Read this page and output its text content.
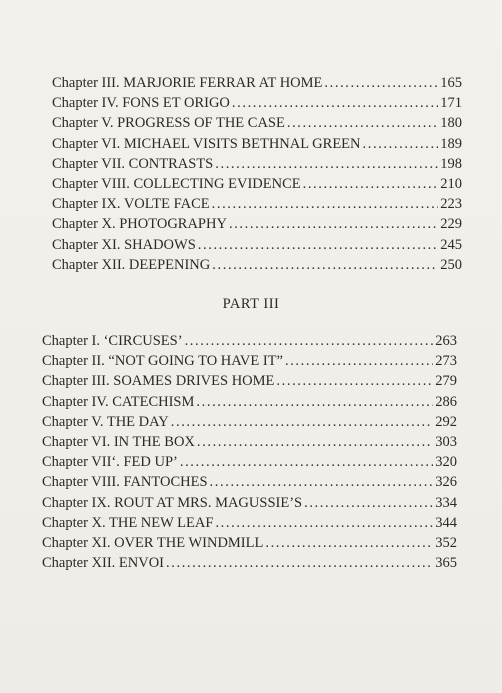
Chapter III. MARJORIE FERRAR AT HOME .....	165
Chapter IV. FONS ET ORIGO .....	171
Chapter V. PROGRESS OF THE CASE .....	180
Chapter VI. MICHAEL VISITS BETHNAL GREEN .....	189
Chapter VII. CONTRASTS .....	198
Chapter VIII. COLLECTING EVIDENCE .....	210
Chapter IX. VOLTE FACE .....	223
Chapter X. PHOTOGRAPHY .....	229
Chapter XI. SHADOWS .....	245
Chapter XII. DEEPENING .....	250
PART III
Chapter I. ‘CIRCUSES’ .....	263
Chapter II. “NOT GOING TO HAVE IT” .....	273
Chapter III. SOAMES DRIVES HOME .....	279
Chapter IV. CATECHISM .....	286
Chapter V. THE DAY .....	292
Chapter VI. IN THE BOX .....	303
Chapter VII‘. FED UP’ .....	320
Chapter VIII. FANTOCHES .....	326
Chapter IX. ROUT AT MRS. MAGUSSIE’S .....	334
Chapter X. THE NEW LEAF .....	344
Chapter XI. OVER THE WINDMILL .....	352
Chapter XII. ENVOI .....	365
